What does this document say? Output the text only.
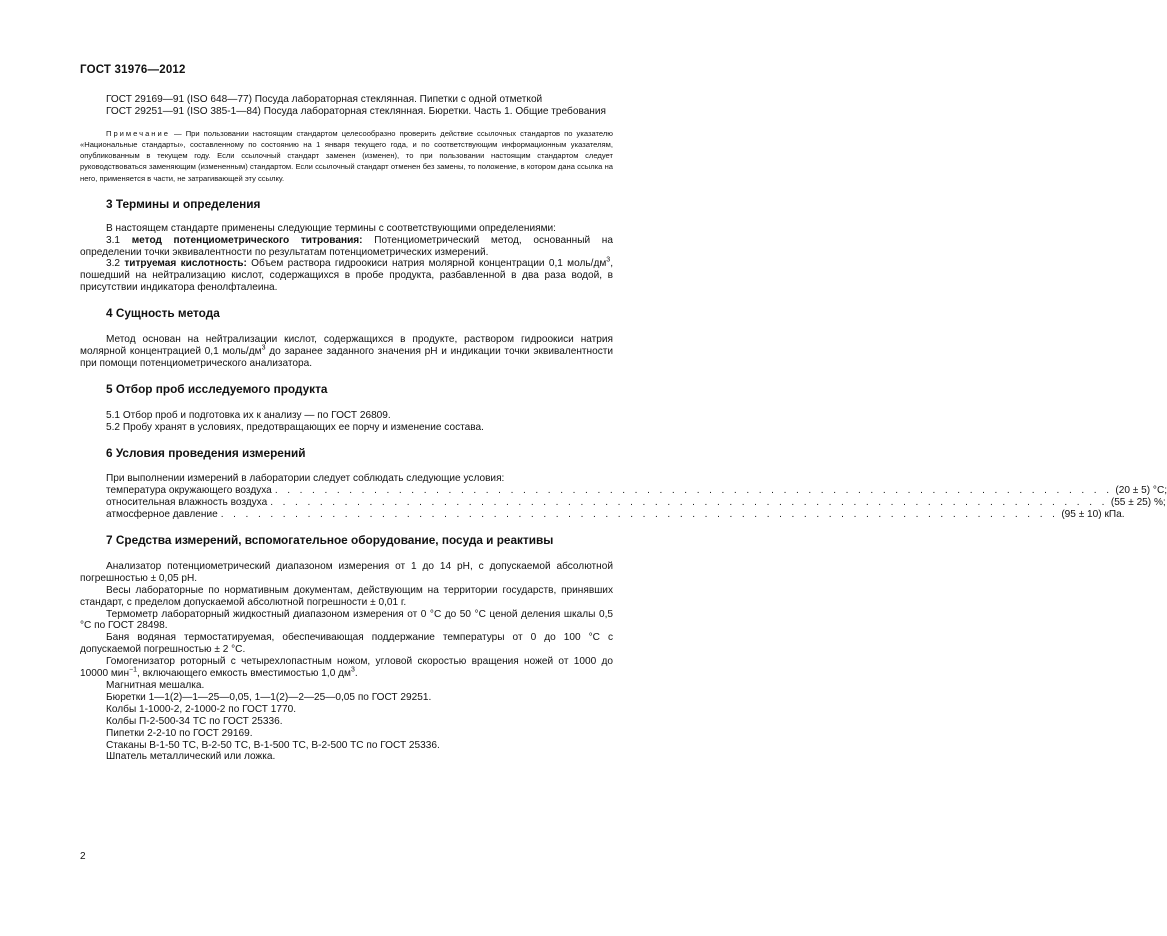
ГОСТ 31976—2012

ГОСТ 29169—91 (ISO 648—77) Посуда лабораторная стеклянная. Пипетки с одной отметкой

ГОСТ 29251—91 (ISO 385-1—84) Посуда лабораторная стеклянная. Бюретки. Часть 1. Общие требования

Примечание — При пользовании настоящим стандартом целесообразно проверить действие ссылочных стандартов по указателю «Национальные стандарты», составленному по состоянию на 1 января текущего года, и по соответствующим информационным указателям, опубликованным в текущем году. Если ссылочный стандарт заменен (изменен), то при пользовании настоящим стандартом следует руководствоваться заменяющим (измененным) стандартом. Если ссылочный стандарт отменен без замены, то положение, в котором дана ссылка на него, применяется в части, не затрагивающей эту ссылку.

3 Термины и определения

В настоящем стандарте применены следующие термины с соответствующими определениями:

3.1 метод потенциометрического титрования: Потенциометрический метод, основанный на определении точки эквивалентности по результатам потенциометрических измерений.

3.2 титруемая кислотность: Объем раствора гидроокиси натрия молярной концентрации 0,1 моль/$дм^3$, пошедший на нейтрализацию кислот, содержащихся в пробе продукта, разбавленной в два раза водой, в присутствии индикатора фенолфталеина.

4 Сущность метода

Метод основан на нейтрализации кислот, содержащихся в продукте, раствором гидроокиси натрия молярной концентрацией 0,1 моль/$дм^3$ до заранее заданного значения рН и индикации точки эквивалентности при помощи потенциометрического анализатора.

5 Отбор проб исследуемого продукта

5.1 Отбор проб и подготовка их к анализу — по ГОСТ 26809.

5.2 Пробу хранят в условиях, предотвращающих ее порчу и изменение состава.

6 Условия проведения измерений

При выполнении измерений в лаборатории следует соблюдать следующие условия:

температура окружающего воздуха . . . . . . . . . . . . . . . . . . . . . . . . . . . . . . . . . . . . . . . . . . . . . . . . . . . . . . . . . . . . . . . . . . . . (20 ± 5) °С;
относительная влажность воздуха . . . . . . . . . . . . . . . . . . . . . . . . . . . . . . . . . . . . . . . . . . . . . . . . . . . . . . . . . . . . . . . . . . . . (55 ± 25) %;
атмосферное давление . . . . . . . . . . . . . . . . . . . . . . . . . . . . . . . . . . . . . . . . . . . . . . . . . . . . . . . . . . . . . . . . . . . . (95 ± 10) кПа.
7 Средства измерений, вспомогательное оборудование, посуда и реактивы

Анализатор потенциометрический диапазоном измерения от 1 до 14 рН, с допускаемой абсолютной погрешностью ± 0,05 рН.

Весы лабораторные по нормативным документам, действующим на территории государств, принявших стандарт, с пределом допускаемой абсолютной погрешности ± 0,01 г.

Термометр лабораторный жидкостный диапазоном измерения от 0 °С до 50 °С ценой деления шкалы 0,5 °С по ГОСТ 28498.

Баня водяная термостатируемая, обеспечивающая поддержание температуры от 0 до 100 °С с допускаемой погрешностью ± 2 °С.

Гомогенизатор роторный с четырехлопастным ножом, угловой скоростью вращения ножей от 1000 до 10000 мин$^{-1}$, включающего емкость вместимостью 1,0 $дм^3$.

Магнитная мешалка.

Бюретки 1—1(2)—1—25—0,05, 1—1(2)—2—25—0,05 по ГОСТ 29251.

Колбы 1-1000-2, 2-1000-2 по ГОСТ 1770.

Колбы П-2-500-34 ТС по ГОСТ 25336.

Пипетки 2-2-10 по ГОСТ 29169.

Стаканы В-1-50 ТС, В-2-50 ТС, В-1-500 ТС, В-2-500 ТС по ГОСТ 25336.

Шпатель металлический или ложка.

2
